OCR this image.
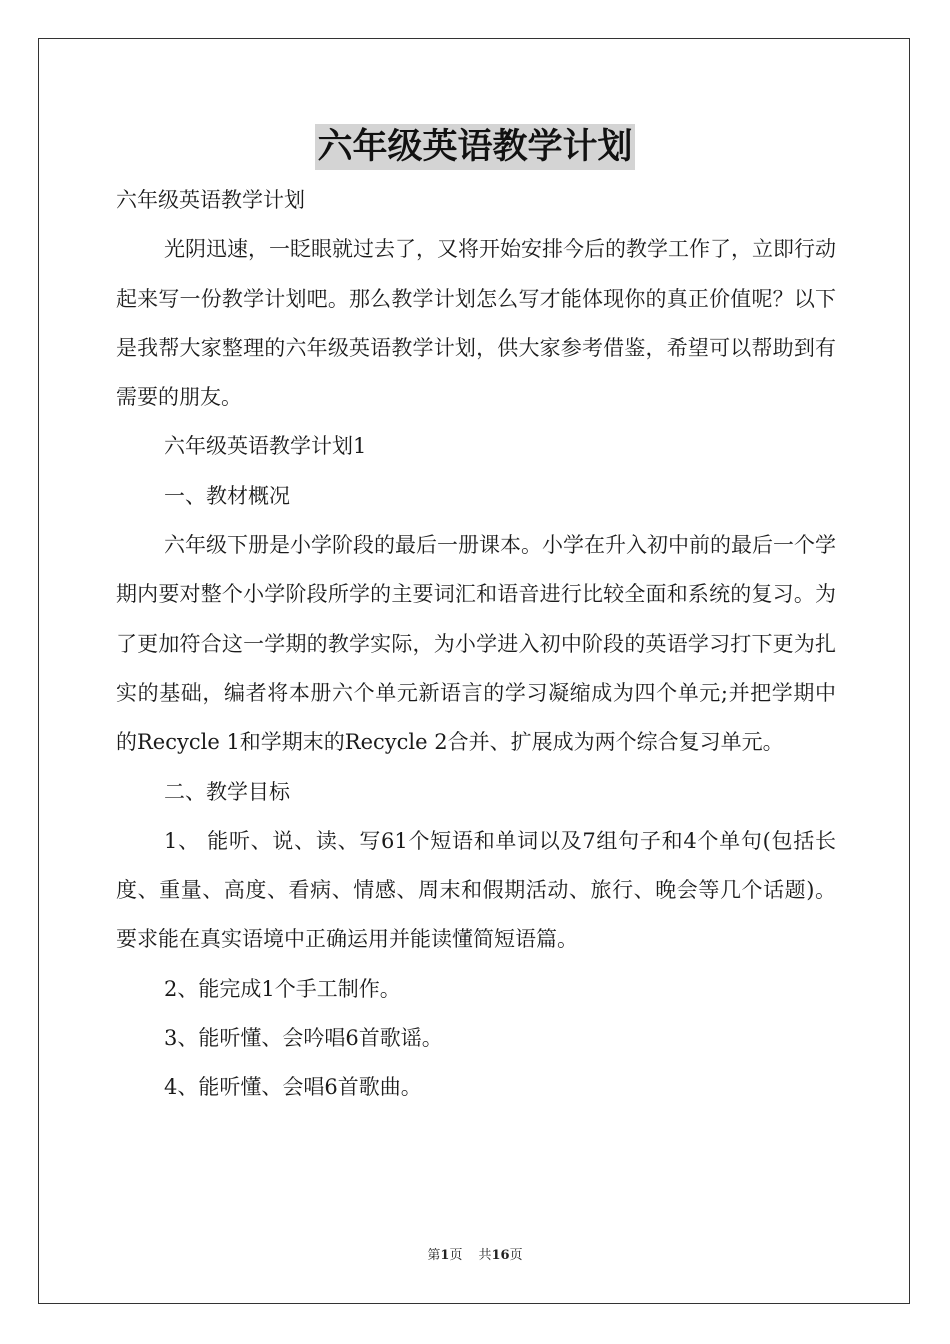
六年级英语教学计划

六年级英语教学计划

光阴迅速，一眨眼就过去了，又将开始安排今后的教学工作了，立即行动起来写一份教学计划吧。那么教学计划怎么写才能体现你的真正价值呢？以下是我帮大家整理的六年级英语教学计划，供大家参考借鉴，希望可以帮助到有需要的朋友。

六年级英语教学计划1

一、教材概况

六年级下册是小学阶段的最后一册课本。小学在升入初中前的最后一个学期内要对整个小学阶段所学的主要词汇和语音进行比较全面和系统的复习。为了更加符合这一学期的教学实际，为小学进入初中阶段的英语学习打下更为扎实的基础，编者将本册六个单元新语言的学习凝缩成为四个单元;并把学期中的Recycle 1和学期末的Recycle 2合并、扩展成为两个综合复习单元。

二、教学目标

1、 能听、说、读、写61个短语和单词以及7组句子和4个单句(包括长度、重量、高度、看病、情感、周末和假期活动、旅行、晚会等几个话题)。要求能在真实语境中正确运用并能读懂简短语篇。

2、能完成1个手工制作。

3、能听懂、会吟唱6首歌谣。

4、能听懂、会唱6首歌曲。

第1页 共16页
